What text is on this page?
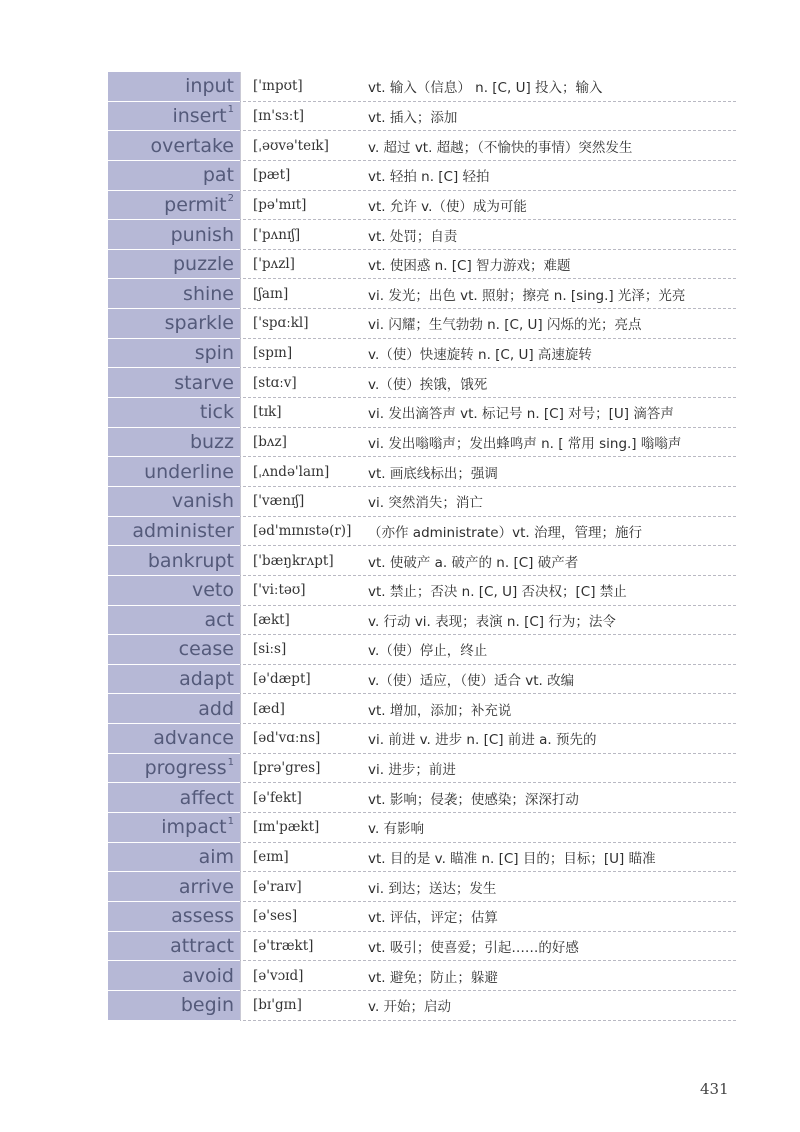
input	['ɪnpʊt]	vt. 输入（信息） n. [C, U] 投入；输入
insert$^1$	[ɪn'sɜːt]	vt. 插入；添加
overtake	[ˌəʊvə'teɪk]	v. 超过 vt. 超越；（不愉快的事情）突然发生
pat	[pæt]	vt. 轻拍 n. [C] 轻拍
permit$^2$	[pə'mɪt]	vt. 允许 v.（使）成为可能
punish	['pʌnɪʃ]	vt. 处罚；自责
puzzle	['pʌzl]	vt. 使困惑 n. [C] 智力游戏；难题
shine	[ʃaɪn]	vi. 发光；出色 vt. 照射；擦亮 n. [sing.] 光泽；光亮
sparkle	['spɑːkl]	vi. 闪耀；生气勃勃 n. [C, U] 闪烁的光；亮点
spin	[spɪn]	v.（使）快速旋转 n. [C, U] 高速旋转
starve	[stɑːv]	v.（使）挨饿，饿死
tick	[tɪk]	vi. 发出滴答声 vt. 标记号 n. [C] 对号；[U] 滴答声
buzz	[bʌz]	vi. 发出嗡嗡声；发出蜂鸣声 n. [ 常用 sing.] 嗡嗡声
underline	[ˌʌndə'laɪn]	vt. 画底线标出；强调
vanish	['vænɪʃ]	vi. 突然消失；消亡
administer	[əd'mɪnɪstə(r)]	（亦作 administrate）vt. 治理，管理；施行
bankrupt	['bæŋkrʌpt]	vt. 使破产 a. 破产的 n. [C] 破产者
veto	['viːtəʊ]	vt. 禁止；否决 n. [C, U] 否决权；[C] 禁止
act	[ækt]	v. 行动 vi. 表现；表演 n. [C] 行为；法令
cease	[siːs]	v.（使）停止，终止
adapt	[ə'dæpt]	v.（使）适应，（使）适合 vt. 改编
add	[æd]	vt. 增加，添加；补充说
advance	[əd'vɑːns]	vi. 前进 v. 进步 n. [C] 前进 a. 预先的
progress$^1$	[prə'gres]	vi. 进步；前进
affect	[ə'fekt]	vt. 影响；侵袭；使感染；深深打动
impact$^1$	[ɪm'pækt]	v. 有影响
aim	[eɪm]	vt. 目的是 v. 瞄准 n. [C] 目的；目标；[U] 瞄准
arrive	[ə'raɪv]	vi. 到达；送达；发生
assess	[ə'ses]	vt. 评估，评定；估算
attract	[ə'trækt]	vt. 吸引；使喜爱；引起……的好感
avoid	[ə'vɔɪd]	vt. 避免；防止；躲避
begin	[bɪ'gɪn]	v. 开始；启动
431
